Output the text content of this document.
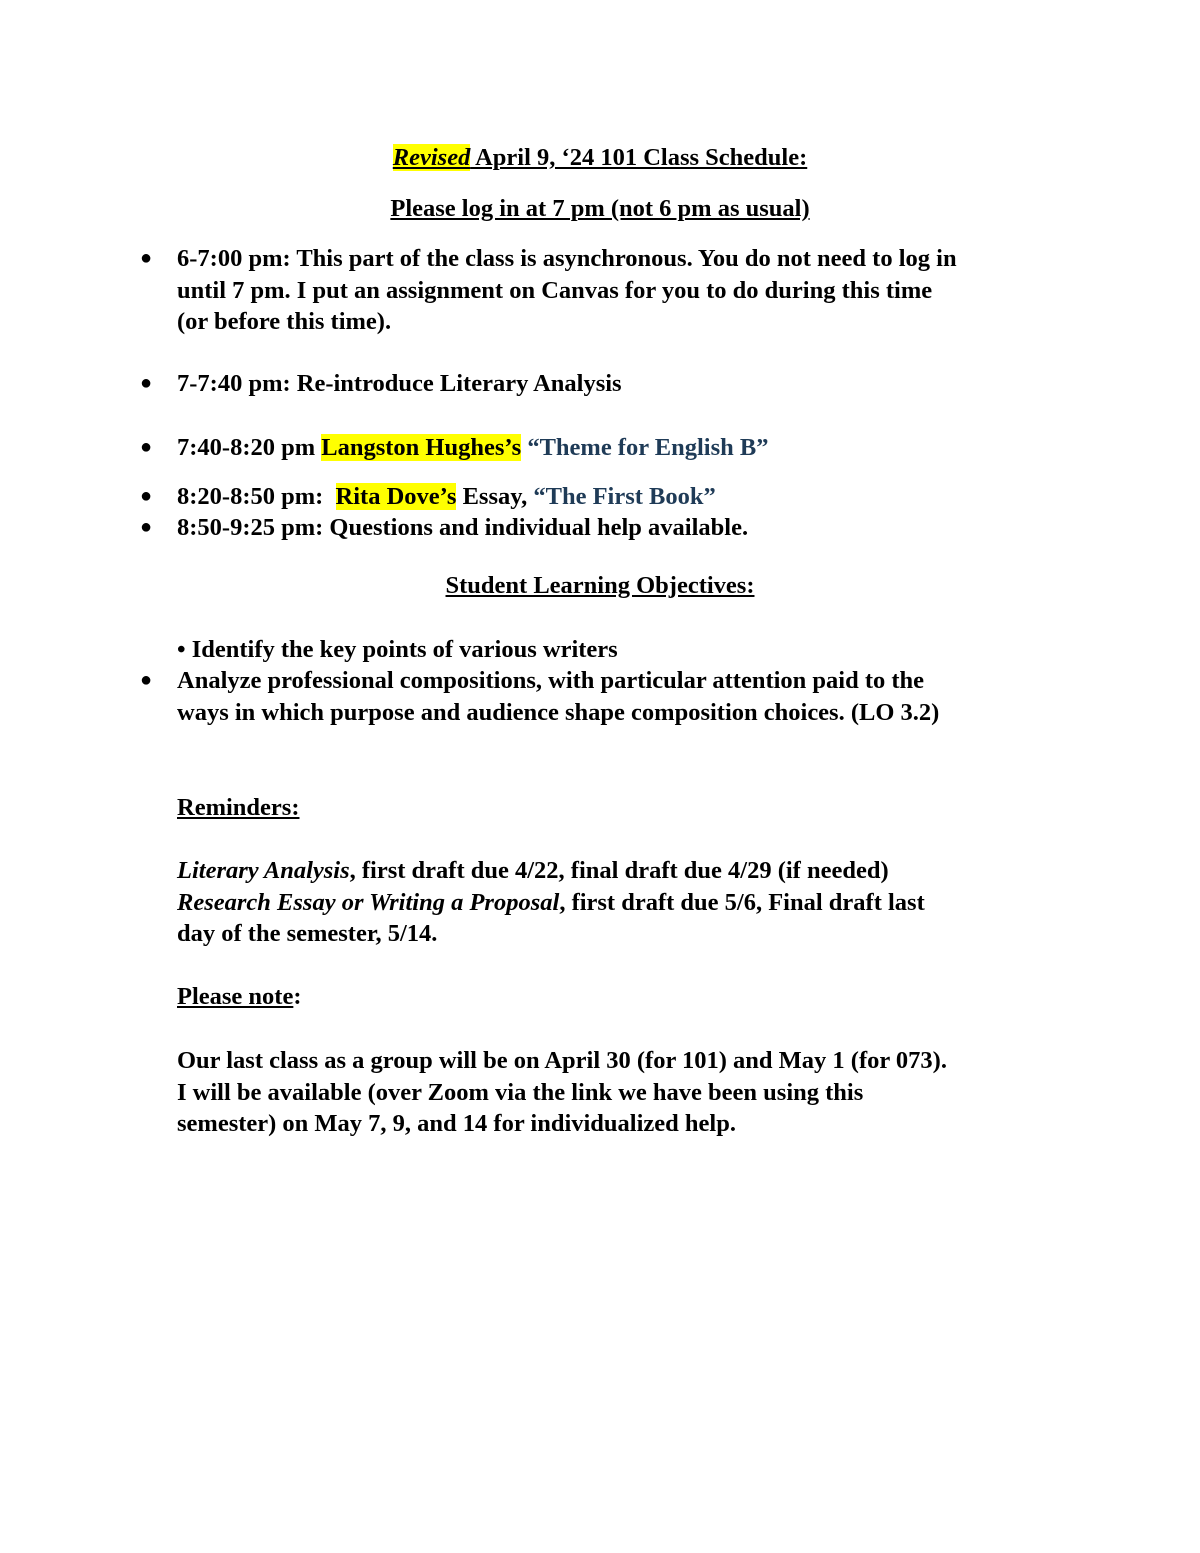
Revised April 9, ‘24 101 Class Schedule:
Please log in at 7 pm (not 6 pm as usual)
●	6-7:00 pm: This part of the class is asynchronous. You do not need to log in
until 7 pm. I put an assignment on Canvas for you to do during this time
(or before this time).
●	7-7:40 pm: Re-introduce Literary Analysis
●	7:40-8:20 pm Langston Hughes’s “Theme for English B”
●	8:20-8:50 pm:  Rita Dove’s Essay, “The First Book”
●	8:50-9:25 pm: Questions and individual help available.
Student Learning Objectives:
• Identify the key points of various writers
●	Analyze professional compositions, with particular attention paid to the
ways in which purpose and audience shape composition choices. (LO 3.2)
Reminders:
Literary Analysis, first draft due 4/22, final draft due 4/29 (if needed)
Research Essay or Writing a Proposal, first draft due 5/6, Final draft last
day of the semester, 5/14.
Please note:
Our last class as a group will be on April 30 (for 101) and May 1 (for 073).
I will be available (over Zoom via the link we have been using this
semester) on May 7, 9, and 14 for individualized help.
